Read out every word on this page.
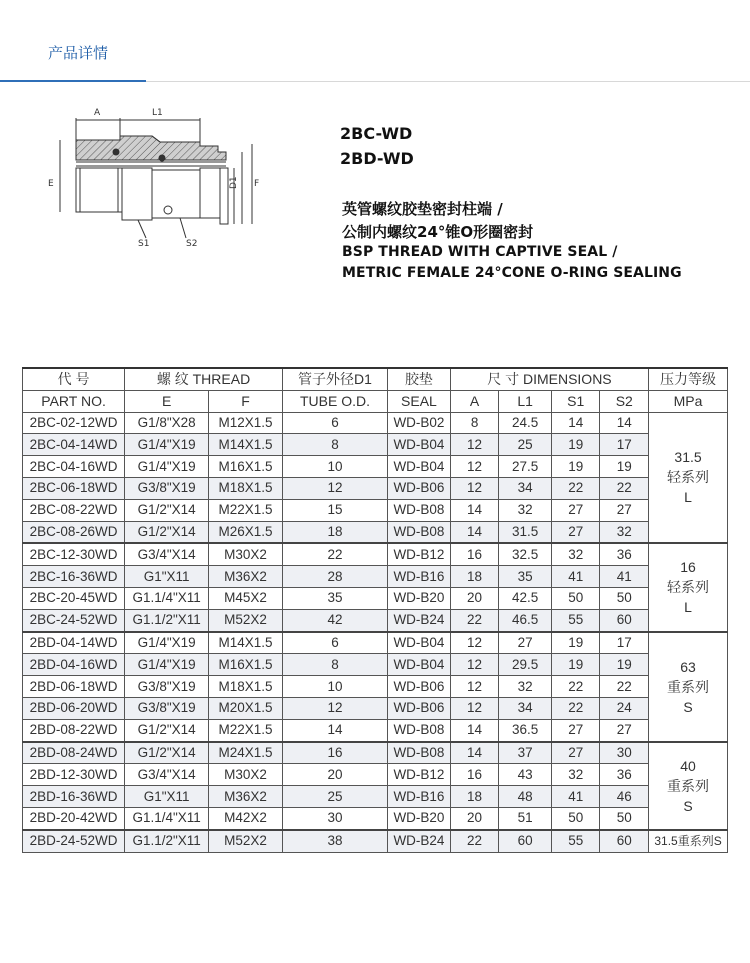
产品详情
A	L1
E	D1 F
S1	S2
2BC-WD
2BD-WD
英管螺纹胶垫密封柱端 /
公制内螺纹24°锥O形圈密封
BSP THREAD WITH CAPTIVE SEAL /
METRIC FEMALE 24°CONE O-RING SEALING
代 号	螺 纹 THREAD		管子外径D1	胶垫	尺 寸 DIMENSIONS				压力等级
PART NO.	E	F	TUBE O.D.	SEAL	A	L1	S1	S2	MPa
2BC-02-12WD	G1/8"X28	M12X1.5	6	WD-B02	8	24.5	14	14	31.5
轻系列
L

2BC-04-14WD	G1/4"X19	M14X1.5	8	WD-B04	12	25	19	17	
2BC-04-16WD	G1/4"X19	M16X1.5	10	WD-B04	12	27.5	19	19	
2BC-06-18WD	G3/8"X19	M18X1.5	12	WD-B06	12	34	22	22	
2BC-08-22WD	G1/2"X14	M22X1.5	15	WD-B08	14	32	27	27	
2BC-08-26WD	G1/2"X14	M26X1.5	18	WD-B08	14	31.5	27	32	
2BC-12-30WD	G3/4"X14	M30X2	22	WD-B12	16	32.5	32	36	16
轻系列
L

2BC-16-36WD	G1"X11	M36X2	28	WD-B16	18	35	41	41	
2BC-20-45WD	G1.1/4"X11	M45X2	35	WD-B20	20	42.5	50	50	
2BC-24-52WD	G1.1/2"X11	M52X2	42	WD-B24	22	46.5	55	60	
2BD-04-14WD	G1/4"X19	M14X1.5	6	WD-B04	12	27	19	17	63
重系列
S

2BD-04-16WD	G1/4"X19	M16X1.5	8	WD-B04	12	29.5	19	19	
2BD-06-18WD	G3/8"X19	M18X1.5	10	WD-B06	12	32	22	22	
2BD-06-20WD	G3/8"X19	M20X1.5	12	WD-B06	12	34	22	24	
2BD-08-22WD	G1/2"X14	M22X1.5	14	WD-B08	14	36.5	27	27	
2BD-08-24WD	G1/2"X14	M24X1.5	16	WD-B08	14	37	27	30	40
重系列
S

2BD-12-30WD	G3/4"X14	M30X2	20	WD-B12	16	43	32	36	
2BD-16-36WD	G1"X11	M36X2	25	WD-B16	18	48	41	46	
2BD-20-42WD	G1.1/4"X11	M42X2	30	WD-B20	20	51	50	50	
2BD-24-52WD	G1.1/2"X11	M52X2	38	WD-B24	22	60	55	60	31.5重系列S
